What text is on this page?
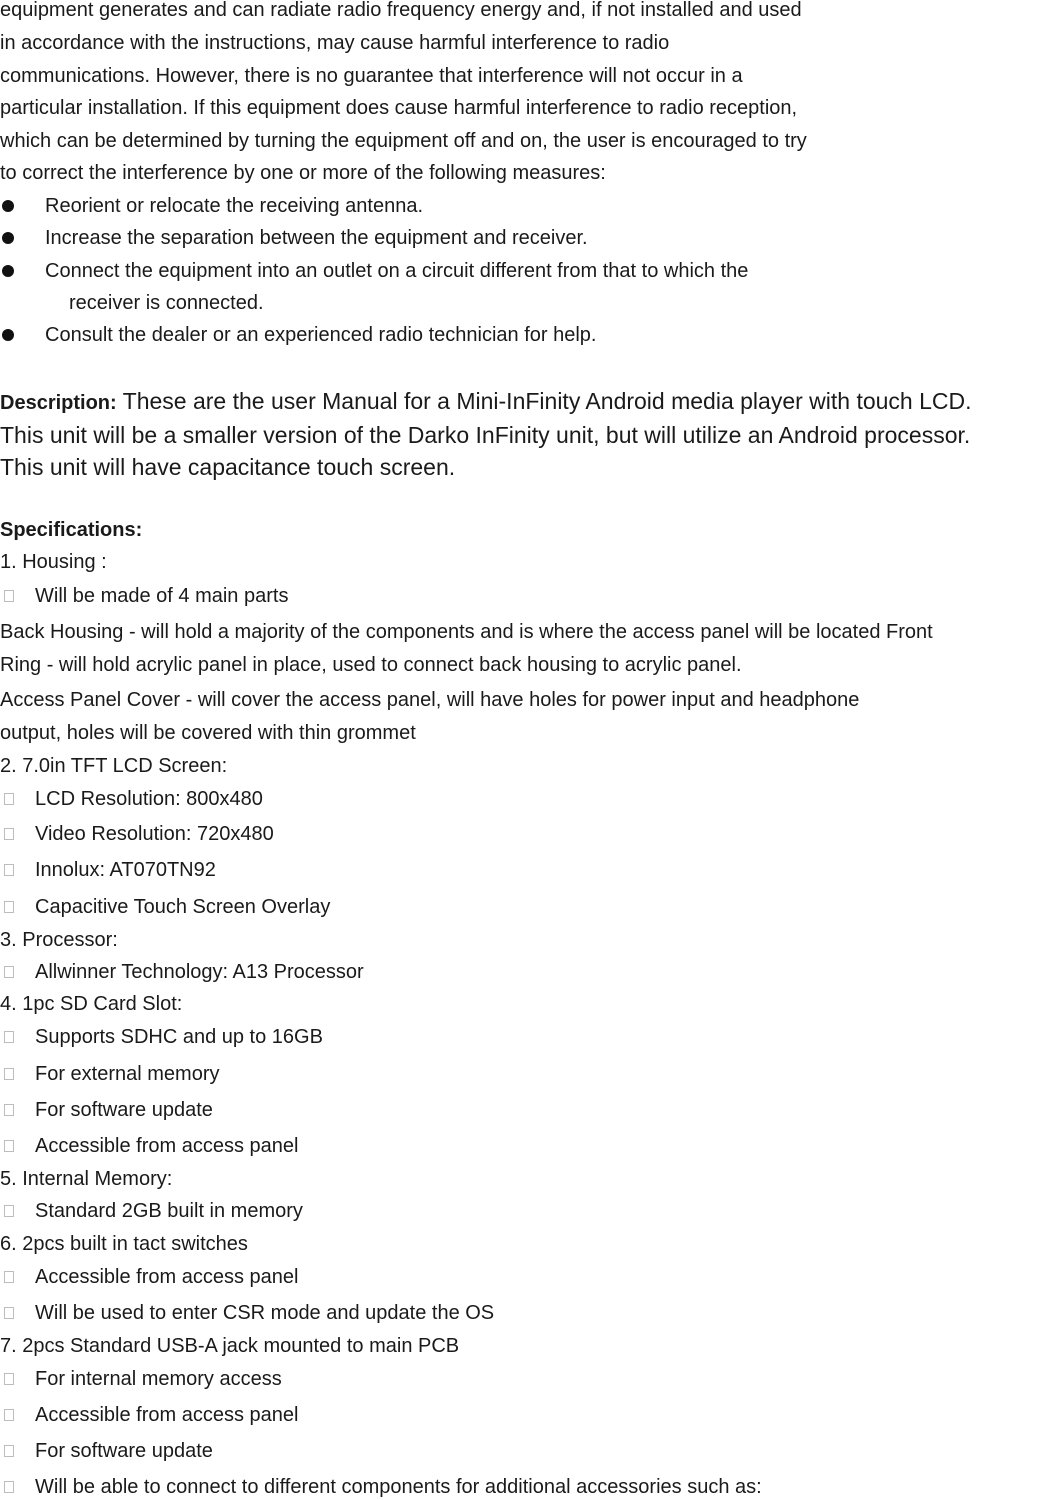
equipment generates and can radiate radio frequency energy and, if not installed and used
in accordance with the instructions, may cause harmful interference to radio
communications. However, there is no guarantee that interference will not occur in a
particular installation. If this equipment does cause harmful interference to radio reception,
which can be determined by turning the equipment off and on, the user is encouraged to try
to correct the interference by one or more of the following measures:
Reorient or relocate the receiving antenna.
Increase the separation between the equipment and receiver.
Connect the equipment into an outlet on a circuit different from that to which the
receiver is connected.
Consult the dealer or an experienced radio technician for help.
Description: These are the user Manual for a Mini-InFinity Android media player with touch LCD.
This unit will be a smaller version of the Darko InFinity unit, but will utilize an Android processor.
This unit will have capacitance touch screen.
Specifications:
1. Housing :
Will be made of 4 main parts
Back Housing - will hold a majority of the components and is where the access panel will be located Front
Ring - will hold acrylic panel in place, used to connect back housing to acrylic panel.
Access Panel Cover - will cover the access panel, will have holes for power input and headphone
output, holes will be covered with thin grommet
2. 7.0in TFT LCD Screen:
LCD Resolution: 800x480
Video Resolution: 720x480
Innolux: AT070TN92
Capacitive Touch Screen Overlay
3. Processor:
Allwinner Technology: A13 Processor
4. 1pc SD Card Slot:
Supports SDHC and up to 16GB
For external memory
For software update
Accessible from access panel
5. Internal Memory:
Standard 2GB built in memory
6. 2pcs built in tact switches
Accessible from access panel
Will be used to enter CSR mode and update the OS
7. 2pcs Standard USB-A jack mounted to main PCB
For internal memory access
Accessible from access panel
For software update
Will be able to connect to different components for additional accessories such as:
